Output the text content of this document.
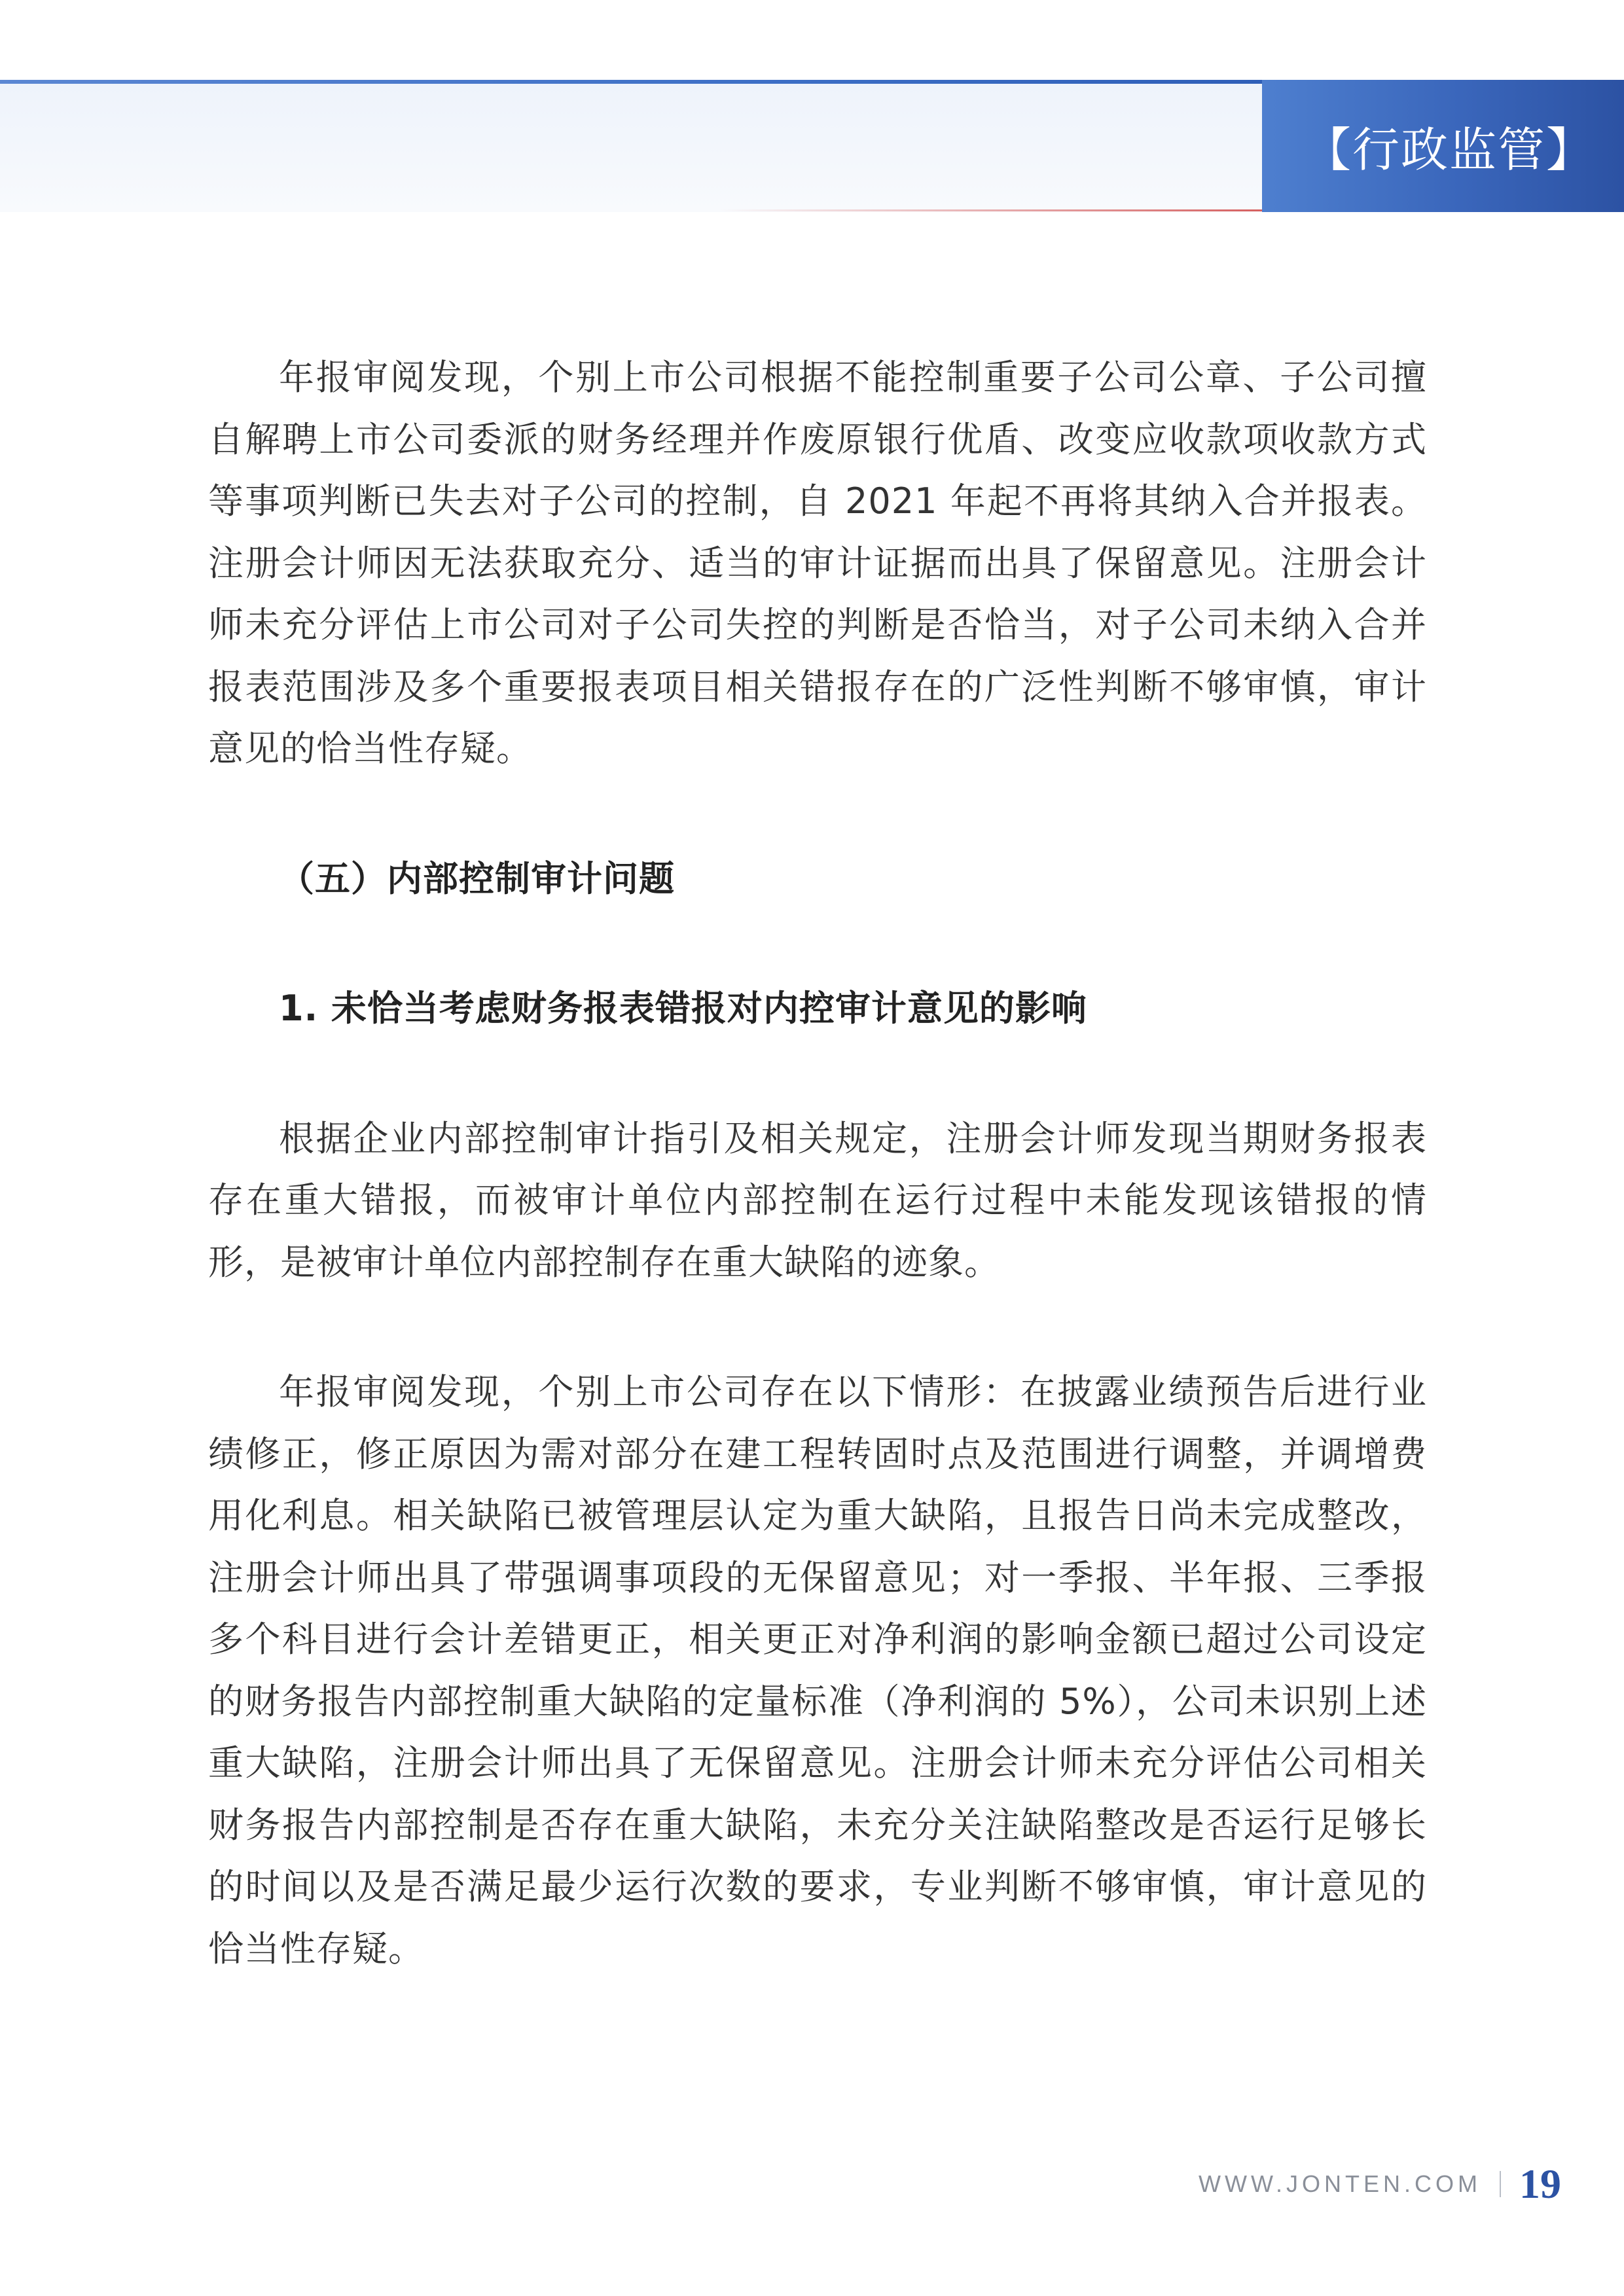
【行政监管】

年报审阅发现，个别上市公司根据不能控制重要子公司公章、子公司擅自解聘上市公司委派的财务经理并作废原银行优盾、改变应收款项收款方式等事项判断已失去对子公司的控制，自 2021 年起不再将其纳入合并报表。注册会计师因无法获取充分、适当的审计证据而出具了保留意见。注册会计师未充分评估上市公司对子公司失控的判断是否恰当，对子公司未纳入合并报表范围涉及多个重要报表项目相关错报存在的广泛性判断不够审慎，审计意见的恰当性存疑。

（五）内部控制审计问题

1. 未恰当考虑财务报表错报对内控审计意见的影响

根据企业内部控制审计指引及相关规定，注册会计师发现当期财务报表存在重大错报，而被审计单位内部控制在运行过程中未能发现该错报的情形，是被审计单位内部控制存在重大缺陷的迹象。

年报审阅发现，个别上市公司存在以下情形：在披露业绩预告后进行业绩修正，修正原因为需对部分在建工程转固时点及范围进行调整，并调增费用化利息。相关缺陷已被管理层认定为重大缺陷，且报告日尚未完成整改，注册会计师出具了带强调事项段的无保留意见；对一季报、半年报、三季报多个科目进行会计差错更正，相关更正对净利润的影响金额已超过公司设定的财务报告内部控制重大缺陷的定量标准（净利润的 5%），公司未识别上述重大缺陷，注册会计师出具了无保留意见。注册会计师未充分评估公司相关财务报告内部控制是否存在重大缺陷，未充分关注缺陷整改是否运行足够长的时间以及是否满足最少运行次数的要求，专业判断不够审慎，审计意见的恰当性存疑。

WWW.JONTEN.COM 19
